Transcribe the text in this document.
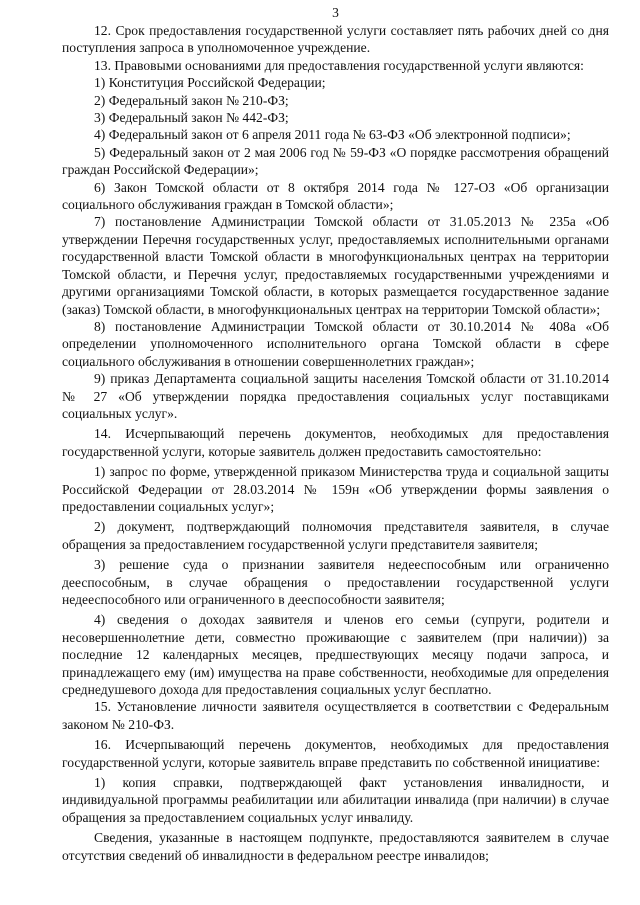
3

12. Срок предоставления государственной услуги составляет пять рабочих дней со дня поступления запроса в уполномоченное учреждение.

13. Правовыми основаниями для предоставления государственной услуги являются:

1) Конституция Российской Федерации;

2) Федеральный закон № 210-ФЗ;

3) Федеральный закон № 442-ФЗ;

4) Федеральный закон от 6 апреля 2011 года № 63-ФЗ «Об электронной подписи»;

5) Федеральный закон от 2 мая 2006 год № 59-ФЗ «О порядке рассмотрения обращений граждан Российской Федерации»;

6) Закон Томской области от 8 октября 2014 года № 127-ОЗ «Об организации социального обслуживания граждан в Томской области»;

7) постановление Администрации Томской области от 31.05.2013 № 235а «Об утверждении Перечня государственных услуг, предоставляемых исполнительными органами государственной власти Томской области в многофункциональных центрах на территории Томской области, и Перечня услуг, предоставляемых государственными учреждениями и другими организациями Томской области, в которых размещается государственное задание (заказ) Томской области, в многофункциональных центрах на территории Томской области»;

8) постановление Администрации Томской области от 30.10.2014 № 408а «Об определении уполномоченного исполнительного органа Томской области в сфере социального обслуживания в отношении совершеннолетних граждан»;

9) приказ Департамента социальной защиты населения Томской области от 31.10.2014 № 27 «Об утверждении порядка предоставления социальных услуг поставщиками социальных услуг».

14. Исчерпывающий перечень документов, необходимых для предоставления государственной услуги, которые заявитель должен предоставить самостоятельно:

1) запрос по форме, утвержденной приказом Министерства труда и социальной защиты Российской Федерации от 28.03.2014 № 159н «Об утверждении формы заявления о предоставлении социальных услуг»;

2) документ, подтверждающий полномочия представителя заявителя, в случае обращения за предоставлением государственной услуги представителя заявителя;

3) решение суда о признании заявителя недееспособным или ограниченно дееспособным, в случае обращения о предоставлении государственной услуги недееспособного или ограниченного в дееспособности заявителя;

4) сведения о доходах заявителя и членов его семьи (супруги, родители и несовершеннолетние дети, совместно проживающие с заявителем (при наличии)) за последние 12 календарных месяцев, предшествующих месяцу подачи запроса, и принадлежащего ему (им) имущества на праве собственности, необходимые для определения среднедушевого дохода для предоставления социальных услуг бесплатно.

15. Установление личности заявителя осуществляется в соответствии с Федеральным законом № 210-ФЗ.

16. Исчерпывающий перечень документов, необходимых для предоставления государственной услуги, которые заявитель вправе представить по собственной инициативе:

1) копия справки, подтверждающей факт установления инвалидности, и индивидуальной программы реабилитации или абилитации инвалида (при наличии) в случае обращения за предоставлением социальных услуг инвалиду.

Сведения, указанные в настоящем подпункте, предоставляются заявителем в случае отсутствия сведений об инвалидности в федеральном реестре инвалидов;
